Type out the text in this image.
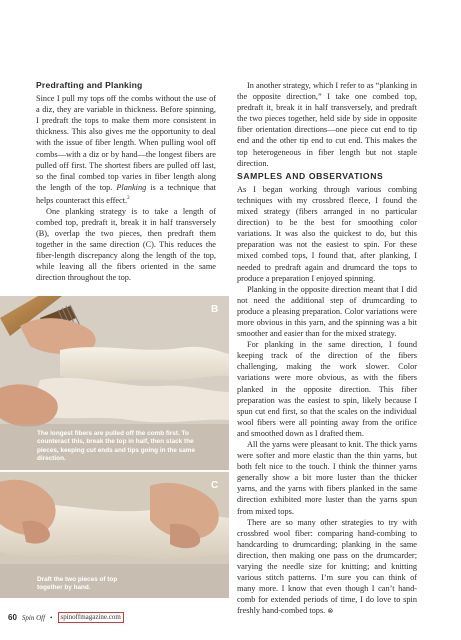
Predrafting and Planking

Since I pull my tops off the combs without the use of a diz, they are variable in thickness. Before spinning, I predraft the tops to make them more consistent in thickness. This also gives me the opportunity to deal with the issue of fiber length. When pulling wool off combs—with a diz or by hand—the longest fibers are pulled off first. The shortest fibers are pulled off last, so the final combed top varies in fiber length along the length of the top. Planking is a technique that helps counteract this effect.$^2$

One planking strategy is to take a length of combed top, predraft it, break it in half transversely (B), overlap the two pieces, then predraft them together in the same direction (C). This reduces the fiber-length discrepancy along the length of the top, while leaving all the fibers oriented in the same direction throughout the top.

B
The longest fibers are pulled off the comb first. To counteract this, break the top in half, then stack the pieces, keeping cut ends and tips going in the same direction.
C
Draft the two pieces of top together by hand.

In another strategy, which I refer to as “planking in the opposite direction,” I take one combed top, predraft it, break it in half transversely, and predraft the two pieces together, held side by side in opposite fiber orientation directions—one piece cut end to tip end and the other tip end to cut end. This makes the top heterogeneous in fiber length but not staple direction.

SAMPLES AND OBSERVATIONS

As I began working through various combing techniques with my crossbred fleece, I found the mixed strategy (fibers arranged in no particular direction) to be the best for smoothing color variations. It was also the quickest to do, but this preparation was not the easiest to spin. For these mixed combed tops, I found that, after planking, I needed to predraft again and drumcard the tops to produce a preparation I enjoyed spinning.

Planking in the opposite direction meant that I did not need the additional step of drumcarding to produce a pleasing preparation. Color variations were more obvious in this yarn, and the spinning was a bit smoother and easier than for the mixed strategy.

For planking in the same direction, I found keeping track of the direction of the fibers challenging, making the work slower. Color variations were more obvious, as with the fibers planked in the opposite direction. This fiber preparation was the easiest to spin, likely because I spun cut end first, so that the scales on the individual wool fibers were all pointing away from the orifice and smoothed down as I drafted them.

All the yarns were pleasant to knit. The thick yarns were softer and more elastic than the thin yarns, but both felt nice to the touch. I think the thinner yarns generally show a bit more luster than the thicker yarns, and the yarns with fibers planked in the same direction exhibited more luster than the yarns spun from mixed tops.

There are so many other strategies to try with crossbred wool fiber: comparing hand-combing to handcarding to drumcarding; planking in the same direction, then making one pass on the drumcarder; varying the needle size for knitting; and knitting various stitch patterns. I’m sure you can think of many more. I know that even though I can’t hand-comb for extended periods of time, I do love to spin freshly hand-combed tops. ⊗

60 Spin Off •	spinoffmagazine.com
